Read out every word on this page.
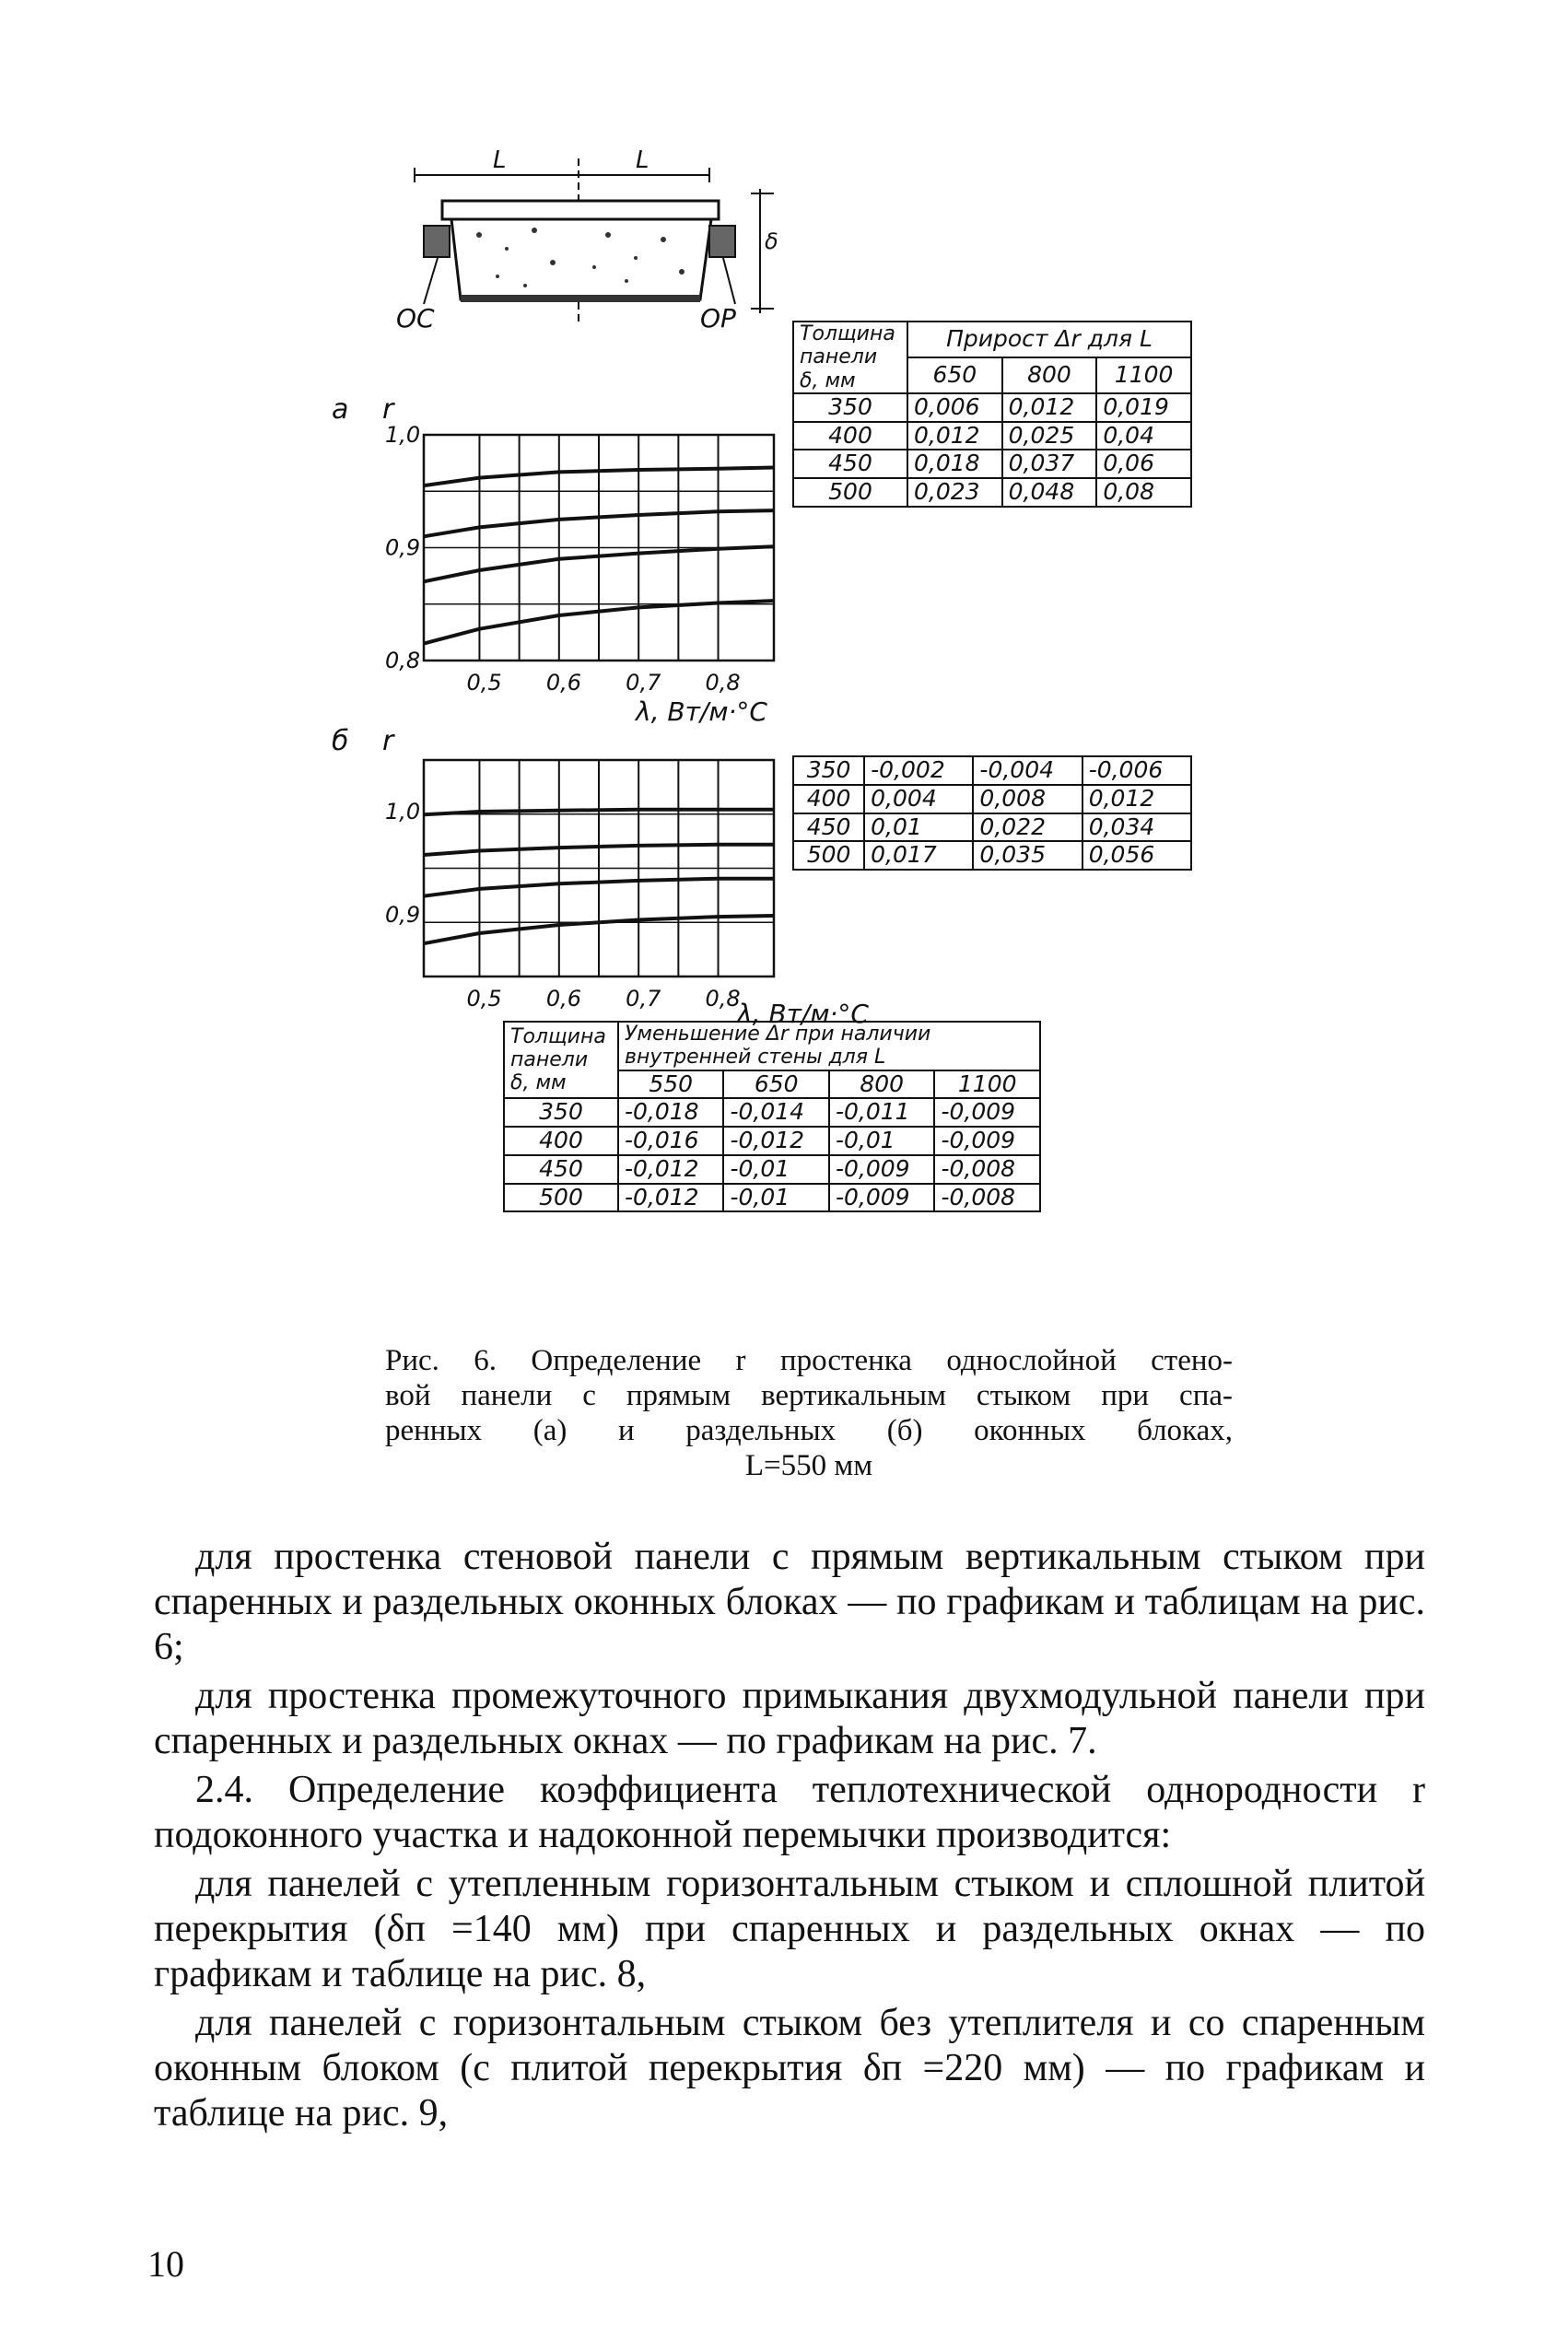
L	L
δ
ОС	ОР
а r
0,5 0,6 0,7 0,8
1,0
0,9
0,8
λ, Вт/м·°С
Толщина панели δ, мм	Прирост Δr для L		
	650	800	1100
350	0,006	0,012	0,019
400	0,012	0,025	0,04
450	0,018	0,037	0,06
500	0,023	0,048	0,08
б r
0,5 0,6 0,7 0,8
1,0
0,9
λ, Вт/м·°С
350	-0,002	-0,004	-0,006
400	0,004	0,008	0,012
450	0,01	0,022	0,034
500	0,017	0,035	0,056
Толщина панели δ, мм	Уменьшение Δr при наличии внутренней стены для L			
	550	650	800	1100
350	-0,018	-0,014	-0,011	-0,009
400	-0,016	-0,012	-0,01	-0,009
450	-0,012	-0,01	-0,009	-0,008
500	-0,012	-0,01	-0,009	-0,008
Рис. 6. Определение r простенка однослойной стено-
вой панели с прямым вертикальным стыком при спа-
ренных (а) и раздельных (б) оконных блоках,
L=550 мм

для простенка стеновой панели с прямым вертикальным стыком при спаренных и раздельных оконных блоках — по графикам и таблицам на рис. 6;

для простенка промежуточного примыкания двухмодульной панели при спаренных и раздельных окнах — по графикам на рис. 7.

2.4. Определение коэффициента теплотехнической однородности r подоконного участка и надоконной перемычки производится:

для панелей с утепленным горизонтальным стыком и сплошной плитой перекрытия (δп =140 мм) при спаренных и раздельных окнах — по графикам и таблице на рис. 8,

для панелей с горизонтальным стыком без утеплителя и со спаренным оконным блоком (с плитой перекрытия δп =220 мм) — по графикам и таблице на рис. 9,

10
